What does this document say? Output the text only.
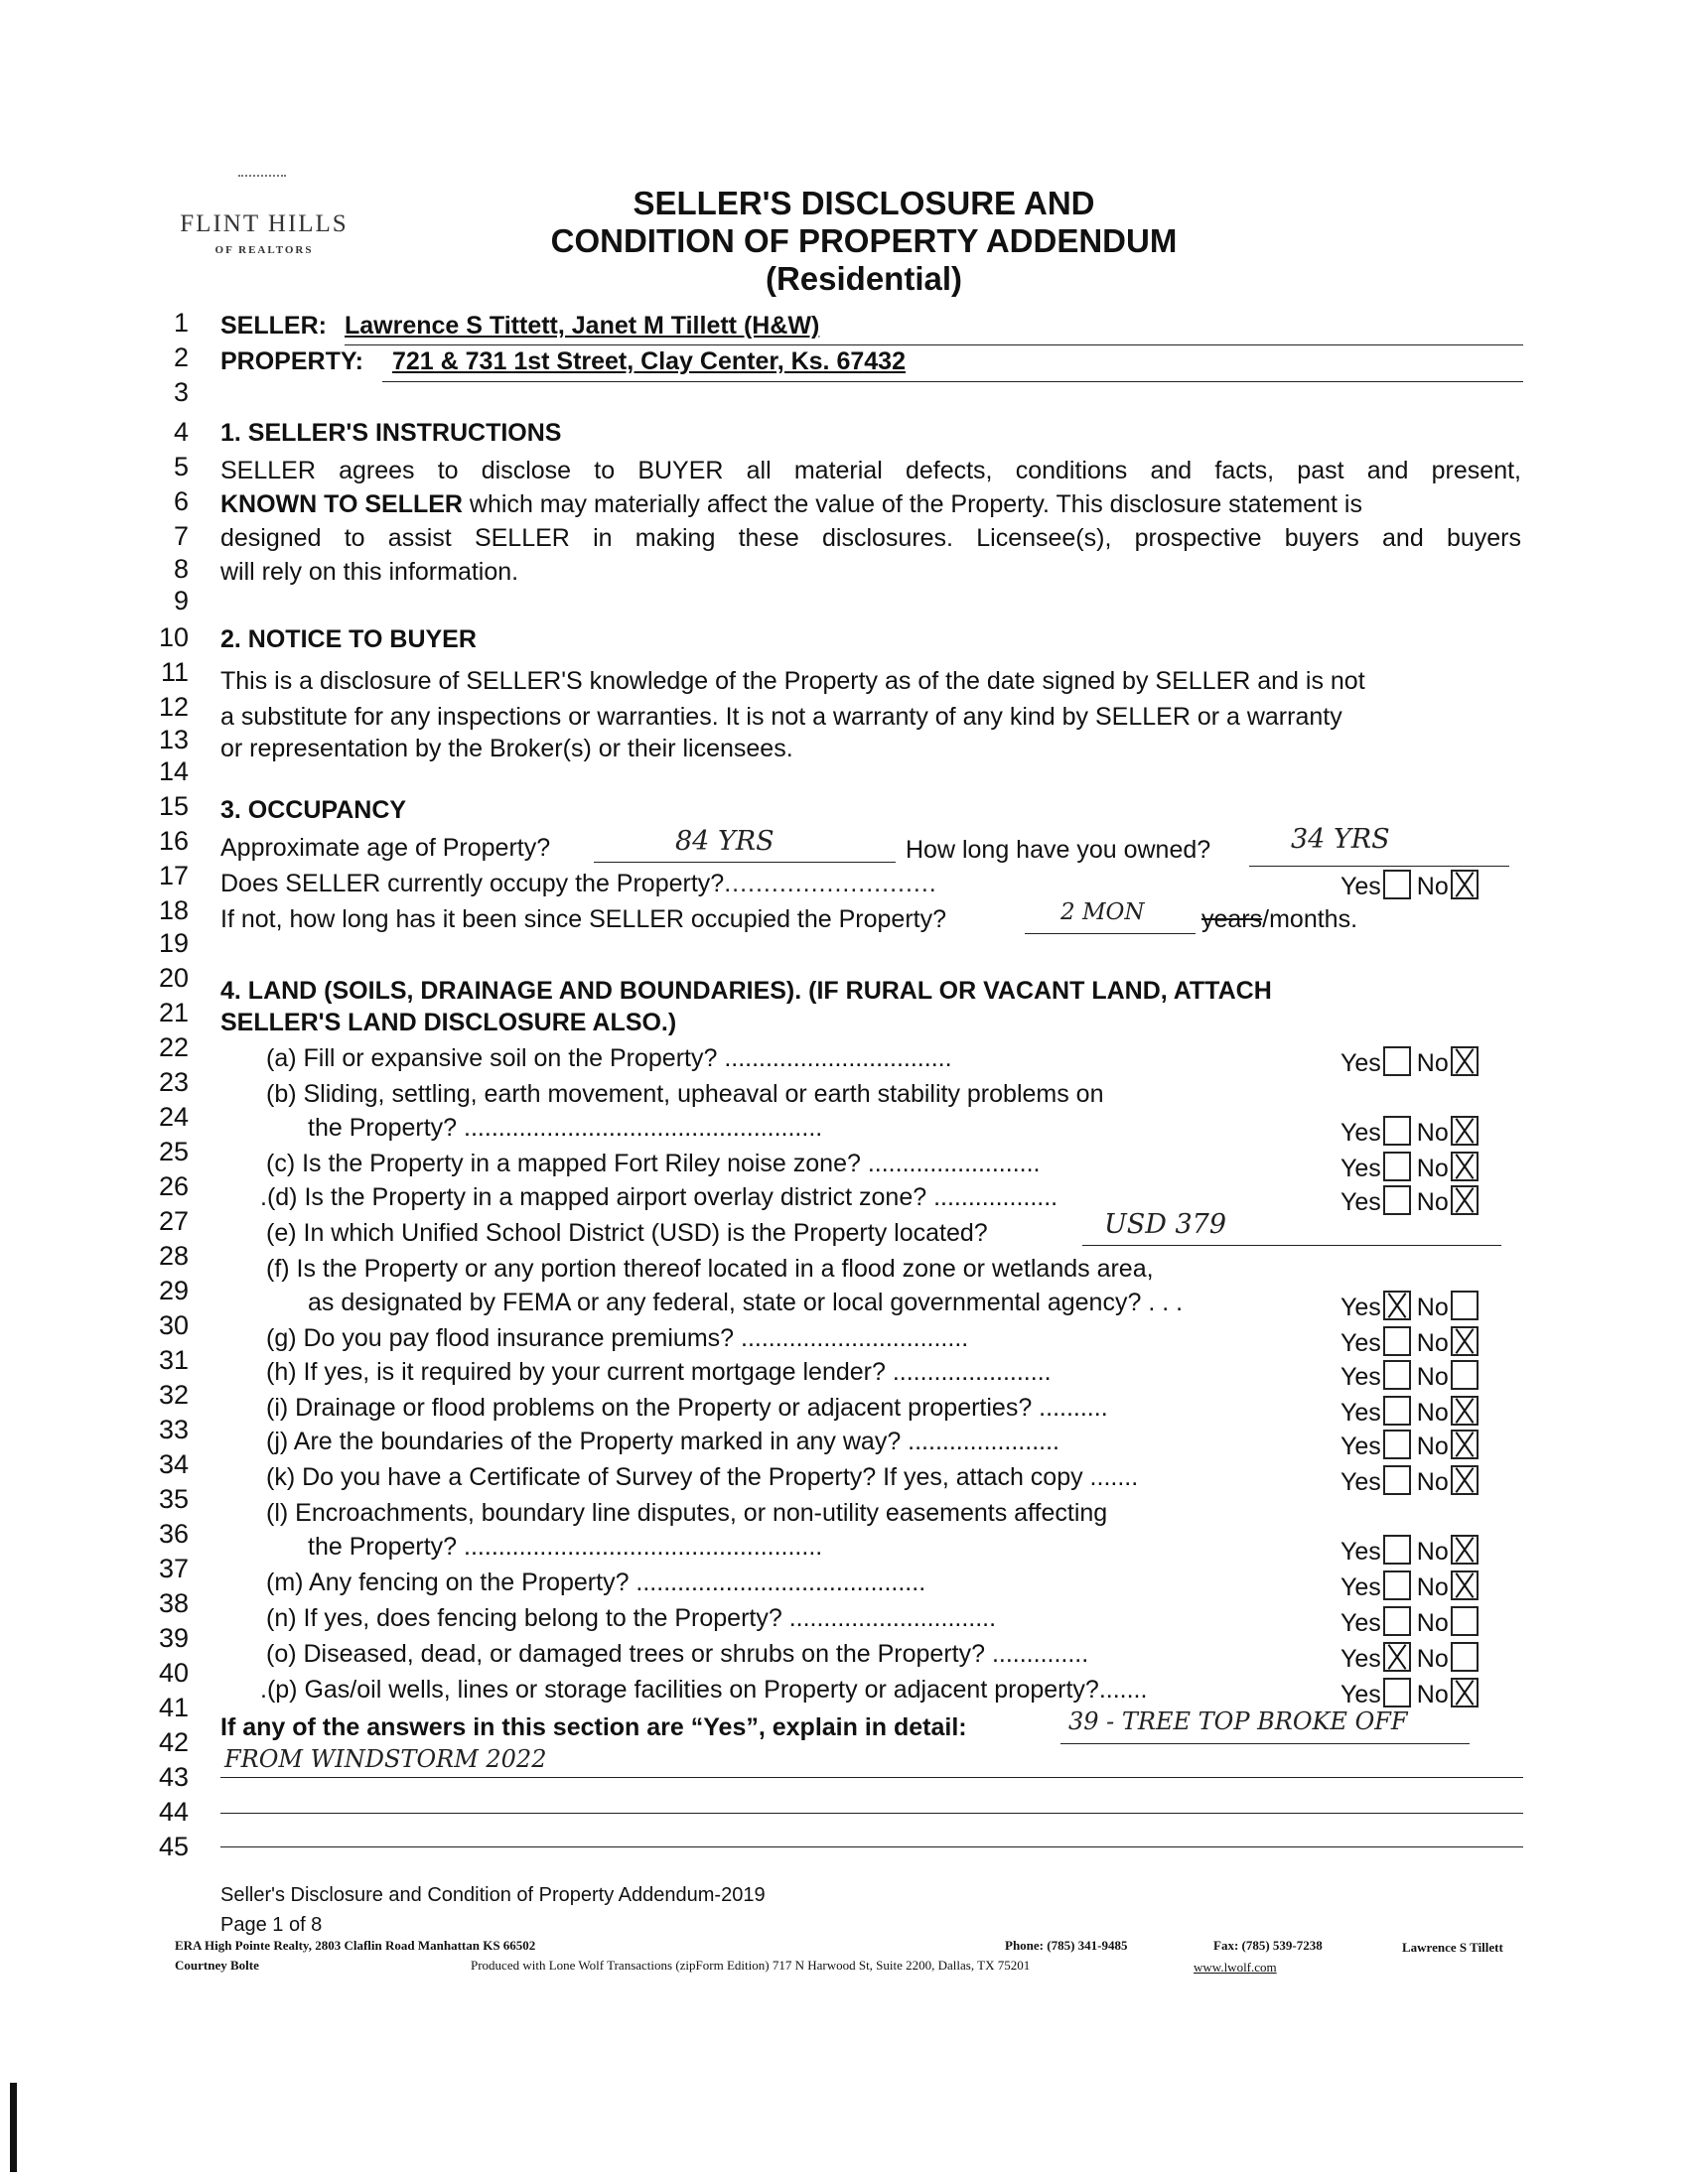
FLINT HILLS
OF REALTORS
SELLER'S DISCLOSURE AND
CONDITION OF PROPERTY ADDENDUM
(Residential)
1
2
3
4
5
6
7
8
9
10
11
12
13
14
15
16
17
18
19
20
21
22
23
24
25
26
27
28
29
30
31
32
33
34
35
36
37
38
39
40
41
42
43
44
45
SELLER: Lawrence S Tittett, Janet M Tillett (H&W)
PROPERTY: 721 & 731 1st Street, Clay Center, Ks. 67432
1. SELLER'S INSTRUCTIONS
SELLER agrees to disclose to BUYER all material defects, conditions and facts, past and present,
KNOWN TO SELLER which may materially affect the value of the Property. This disclosure statement is
designed to assist SELLER in making these disclosures. Licensee(s), prospective buyers and buyers
will rely on this information.
2. NOTICE TO BUYER
This is a disclosure of SELLER'S knowledge of the Property as of the date signed by SELLER and is not
a substitute for any inspections or warranties. It is not a warranty of any kind by SELLER or a warranty
or representation by the Broker(s) or their licensees.
3. OCCUPANCY
Approximate age of Property?	84 YRS	How long have you owned?	34 YRS
Does SELLER currently occupy the Property?...........................	Yes No
If not, how long has it been since SELLER occupied the Property?	2 MON years/months.
4. LAND (SOILS, DRAINAGE AND BOUNDARIES). (IF RURAL OR VACANT LAND, ATTACH
SELLER'S LAND DISCLOSURE ALSO.)
(a) Fill or expansive soil on the Property? .................................	Yes No
(b) Sliding, settling, earth movement, upheaval or earth stability problems on
the Property? ....................................................	Yes No
(c) Is the Property in a mapped Fort Riley noise zone? .........................	Yes No
.(d) Is the Property in a mapped airport overlay district zone? ..................	Yes No
(e) In which Unified School District (USD) is the Property located?	USD 379
(f) Is the Property or any portion thereof located in a flood zone or wetlands area,
as designated by FEMA or any federal, state or local governmental agency? . . .	Yes No
(g) Do you pay flood insurance premiums? .................................	Yes No
(h) If yes, is it required by your current mortgage lender? .......................	Yes No
(i) Drainage or flood problems on the Property or adjacent properties? ..........	Yes No
(j) Are the boundaries of the Property marked in any way? ......................	Yes No
(k) Do you have a Certificate of Survey of the Property? If yes, attach copy .......	Yes No
(l) Encroachments, boundary line disputes, or non-utility easements affecting
the Property? ....................................................	Yes No
(m) Any fencing on the Property? ..........................................	Yes No
(n) If yes, does fencing belong to the Property? ..............................	Yes No
(o) Diseased, dead, or damaged trees or shrubs on the Property? ..............	Yes No
.(p) Gas/oil wells, lines or storage facilities on Property or adjacent property?.......	Yes No
If any of the answers in this section are “Yes”, explain in detail:	39 - TREE TOP BROKE OFF
FROM WINDSTORM 2022
Seller's Disclosure and Condition of Property Addendum-2019
Page 1 of 8
ERA High Pointe Realty, 2803 Claflin Road Manhattan KS 66502	Phone: (785) 341-9485	Fax: (785) 539-7238	Lawrence S Tillett
Courtney Bolte	Produced with Lone Wolf Transactions (zipForm Edition) 717 N Harwood St, Suite 2200, Dallas, TX 75201	www.lwolf.com
